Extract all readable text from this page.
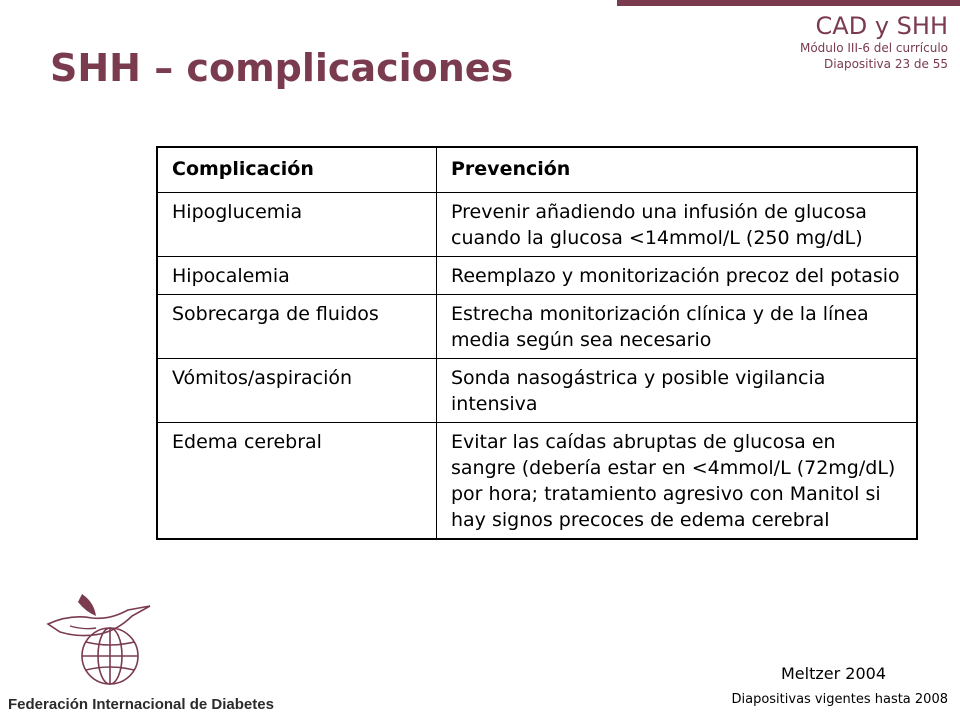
CAD y SHH
Módulo III-6 del currículo
Diapositiva 23 de 55
SHH – complicaciones
Complicación	Prevención
Hipoglucemia	Prevenir añadiendo una infusión de glucosa cuando la glucosa <14mmol/L (250 mg/dL)
Hipocalemia	Reemplazo y monitorización precoz del potasio
Sobrecarga de fluidos	Estrecha monitorización clínica y de la línea media según sea necesario
Vómitos/aspiración	Sonda nasogástrica y posible vigilancia intensiva
Edema cerebral	Evitar las caídas abruptas de glucosa en sangre (debería estar en <4mmol/L (72mg/dL) por hora; tratamiento agresivo con Manitol si hay signos precoces de edema cerebral
Federación Internacional de Diabetes
Meltzer 2004
Diapositivas vigentes hasta 2008
